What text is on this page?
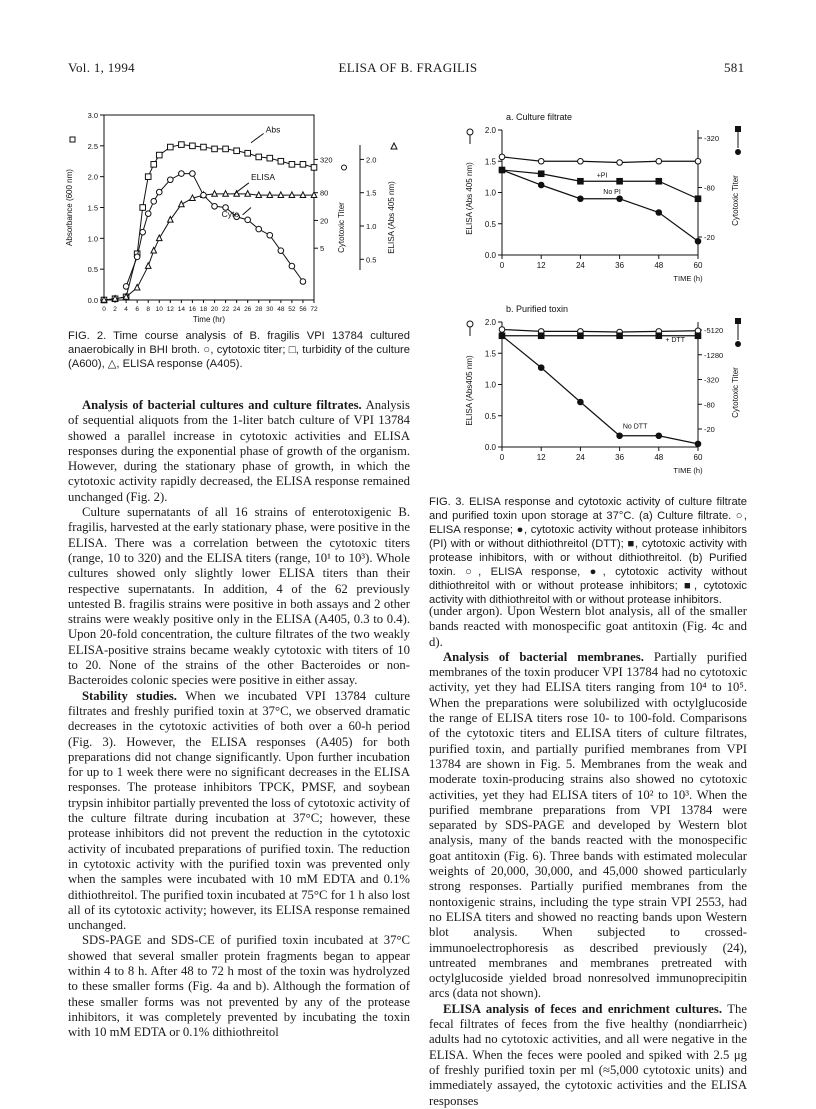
Vol. 1, 1994	ELISA OF B. FRAGILIS	581
0.0
0.5
1.0
1.5
2.0
2.5
3.0
0 2 4 6 8 10 12 14 16 18 20 22 24 26 28 30 48 52 56 72
Time (hr)
Absorbance (600 nm)
5
20
80
320
Cytotoxic Titer
0.5
1.0
1.5
2.0
ELISA (Abs 405 nm)
Abs
ELISA
Cyto
FIG. 2. Time course analysis of B. fragilis VPI 13784 cultured anaerobically in BHI broth. ○, cytotoxic titer; □, turbidity of the culture (A600), △, ELISA response (A405).
a. Culture filtrate
0.0
0.5
1.0
1.5
2.0
0	12	24	36	48	60
TIME (h)
ELISA (Abs 405 nm)
-320
-80
-20
Cytotoxic Titer
+PI
No PI
b. Purified toxin
0.0
0.5
1.0
1.5
2.0
0	12	24	36	48	60
TIME (h)
ELISA (Abs405 nm)
-5120
-1280
-320
-80
-20
Cytotoxic Titer
+ DTT
No DTT
FIG. 3. ELISA response and cytotoxic activity of culture filtrate and purified toxin upon storage at 37°C. (a) Culture filtrate. ○, ELISA response; ●, cytotoxic activity without protease inhibitors (PI) with or without dithiothreitol (DTT); ■, cytotoxic activity with protease inhibitors, with or without dithiothreitol. (b) Purified toxin. ○, ELISA response, ●, cytotoxic activity without dithiothreitol with or without protease inhibitors; ■, cytotoxic activity with dithiothreitol with or without protease inhibitors.

Analysis of bacterial cultures and culture filtrates. Analysis of sequential aliquots from the 1-liter batch culture of VPI 13784 showed a parallel increase in cytotoxic activities and ELISA responses during the exponential phase of growth of the organism. However, during the stationary phase of growth, in which the cytotoxic activity rapidly decreased, the ELISA response remained unchanged (Fig. 2).

Culture supernatants of all 16 strains of enterotoxigenic B. fragilis, harvested at the early stationary phase, were positive in the ELISA. There was a correlation between the cytotoxic titers (range, 10 to 320) and the ELISA titers (range, 10¹ to 10³). Whole cultures showed only slightly lower ELISA titers than their respective supernatants. In addition, 4 of the 62 previously untested B. fragilis strains were positive in both assays and 2 other strains were weakly positive only in the ELISA (A405, 0.3 to 0.4). Upon 20-fold concentration, the culture filtrates of the two weakly ELISA-positive strains became weakly cytotoxic with titers of 10 to 20. None of the strains of the other Bacteroides or non-Bacteroides colonic species were positive in either assay.

Stability studies. When we incubated VPI 13784 culture filtrates and freshly purified toxin at 37°C, we observed dramatic decreases in the cytotoxic activities of both over a 60-h period (Fig. 3). However, the ELISA responses (A405) for both preparations did not change significantly. Upon further incubation for up to 1 week there were no significant decreases in the ELISA responses. The protease inhibitors TPCK, PMSF, and soybean trypsin inhibitor partially prevented the loss of cytotoxic activity of the culture filtrate during incubation at 37°C; however, these protease inhibitors did not prevent the reduction in the cytotoxic activity of incubated preparations of purified toxin. The reduction in cytotoxic activity with the purified toxin was prevented only when the samples were incubated with 10 mM EDTA and 0.1% dithiothreitol. The purified toxin incubated at 75°C for 1 h also lost all of its cytotoxic activity; however, its ELISA response remained unchanged.

SDS-PAGE and SDS-CE of purified toxin incubated at 37°C showed that several smaller protein fragments began to appear within 4 to 8 h. After 48 to 72 h most of the toxin was hydrolyzed to these smaller forms (Fig. 4a and b). Although the formation of these smaller forms was not prevented by any of the protease inhibitors, it was completely prevented by incubating the toxin with 10 mM EDTA or 0.1% dithiothreitol

(under argon). Upon Western blot analysis, all of the smaller bands reacted with monospecific goat antitoxin (Fig. 4c and d).

Analysis of bacterial membranes. Partially purified membranes of the toxin producer VPI 13784 had no cytotoxic activity, yet they had ELISA titers ranging from 10⁴ to 10⁵. When the preparations were solubilized with octylglucoside the range of ELISA titers rose 10- to 100-fold. Comparisons of the cytotoxic titers and ELISA titers of culture filtrates, purified toxin, and partially purified membranes from VPI 13784 are shown in Fig. 5. Membranes from the weak and moderate toxin-producing strains also showed no cytotoxic activities, yet they had ELISA titers of 10² to 10³. When the purified membrane preparations from VPI 13784 were separated by SDS-PAGE and developed by Western blot analysis, many of the bands reacted with the monospecific goat antitoxin (Fig. 6). Three bands with estimated molecular weights of 20,000, 30,000, and 45,000 showed particularly strong responses. Partially purified membranes from the nontoxigenic strains, including the type strain VPI 2553, had no ELISA titers and showed no reacting bands upon Western blot analysis. When subjected to crossed-immunoelectrophoresis as described previously (24), untreated membranes and membranes pretreated with octylglucoside yielded broad nonresolved immunoprecipitin arcs (data not shown).

ELISA analysis of feces and enrichment cultures. The fecal filtrates of feces from the five healthy (nondiarrheic) adults had no cytotoxic activities, and all were negative in the ELISA. When the feces were pooled and spiked with 2.5 μg of freshly purified toxin per ml (≈5,000 cytotoxic units) and immediately assayed, the cytotoxic activities and the ELISA responses
